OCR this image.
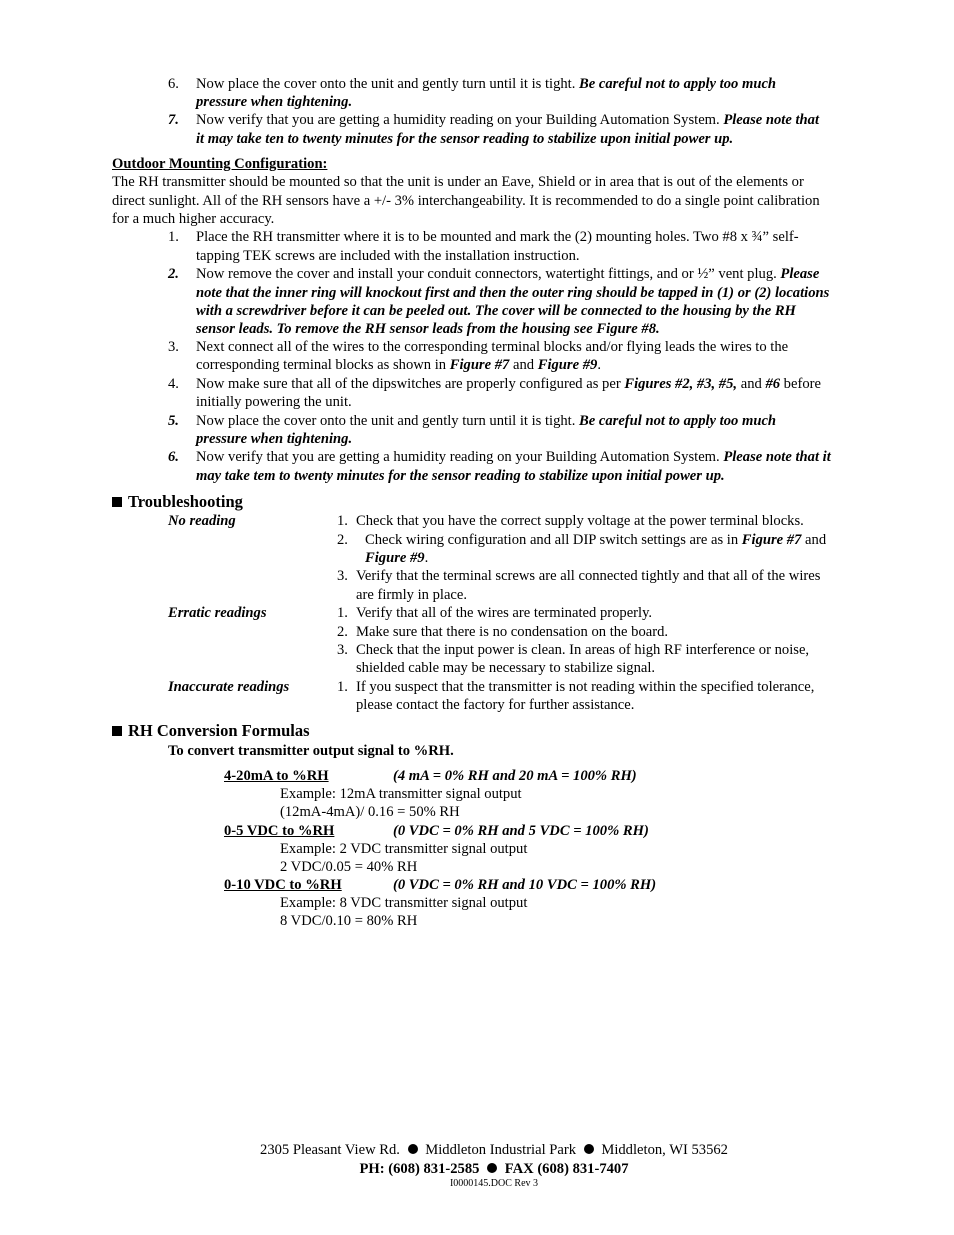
6. Now place the cover onto the unit and gently turn until it is tight. Be careful not to apply too much
pressure when tightening.
7. Now verify that you are getting a humidity reading on your Building Automation System. Please note that
it may take ten to twenty minutes for the sensor reading to stabilize upon initial power up.
Outdoor Mounting Configuration:
The RH transmitter should be mounted so that the unit is under an Eave, Shield or in area that is out of the elements or
direct sunlight. All of the RH sensors have a +/- 3% interchangeability. It is recommended to do a single point calibration
for a much higher accuracy.
1. Place the RH transmitter where it is to be mounted and mark the (2) mounting holes. Two #8 x ¾” self-
tapping TEK screws are included with the installation instruction.
2. Now remove the cover and install your conduit connectors, watertight fittings, and or ½” vent plug. Please
note that the inner ring will knockout first and then the outer ring should be tapped in (1) or (2) locations
with a screwdriver before it can be peeled out. The cover will be connected to the housing by the RH
sensor leads. To remove the RH sensor leads from the housing see Figure #8.
3. Next connect all of the wires to the corresponding terminal blocks and/or flying leads the wires to the
corresponding terminal blocks as shown in Figure #7 and Figure #9.
4. Now make sure that all of the dipswitches are properly configured as per Figures #2, #3, #5, and #6 before
initially powering the unit.
5. Now place the cover onto the unit and gently turn until it is tight. Be careful not to apply too much
pressure when tightening.
6. Now verify that you are getting a humidity reading on your Building Automation System. Please note that it
may take tem to twenty minutes for the sensor reading to stabilize upon initial power up.
Troubleshooting
No reading	1. Check that you have the correct supply voltage at the power terminal blocks.
2. Check wiring configuration and all DIP switch settings are as in Figure #7 and
Figure #9.
3. Verify that the terminal screws are all connected tightly and that all of the wires
are firmly in place.
Erratic readings	1. Verify that all of the wires are terminated properly.
2. Make sure that there is no condensation on the board.
3. Check that the input power is clean. In areas of high RF interference or noise,
shielded cable may be necessary to stabilize signal.
Inaccurate readings	1. If you suspect that the transmitter is not reading within the specified tolerance,
please contact the factory for further assistance.
RH Conversion Formulas
To convert transmitter output signal to %RH.
4-20mA to %RH	(4 mA = 0% RH and 20 mA = 100% RH)
Example: 12mA transmitter signal output
(12mA-4mA)/ 0.16 = 50% RH
0-5 VDC to %RH	(0 VDC = 0% RH and 5 VDC = 100% RH)
Example: 2 VDC transmitter signal output
2 VDC/0.05 = 40% RH
0-10 VDC to %RH	(0 VDC = 0% RH and 10 VDC = 100% RH)
Example: 8 VDC transmitter signal output
8 VDC/0.10 = 80% RH
2305 Pleasant View Rd. Middleton Industrial Park Middleton, WI 53562
PH: (608) 831-2585 FAX (608) 831-7407
I0000145.DOC Rev 3
